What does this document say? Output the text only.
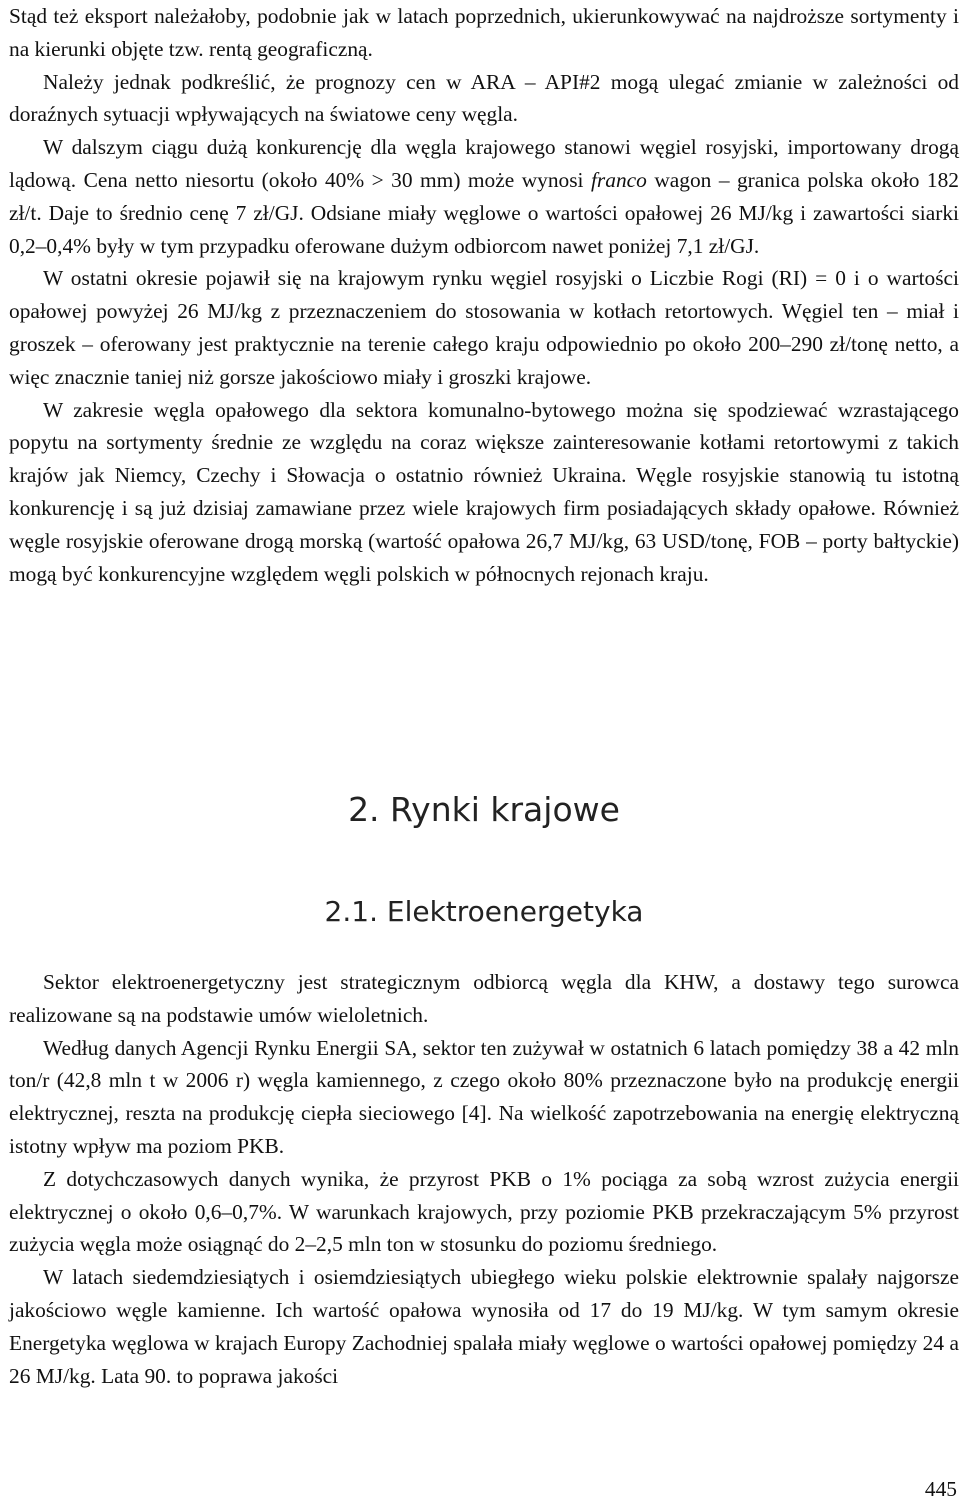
Stąd też eksport należałoby, podobnie jak w latach poprzednich, ukierunkowywać na najdroższe sortymenty i na kierunki objęte tzw. rentą geograficzną.

Należy jednak podkreślić, że prognozy cen w ARA – API#2 mogą ulegać zmianie w zależności od doraźnych sytuacji wpływających na światowe ceny węgla.

W dalszym ciągu dużą konkurencję dla węgla krajowego stanowi węgiel rosyjski, importowany drogą lądową. Cena netto niesortu (około 40% > 30 mm) może wynosi franco wagon – granica polska około 182 zł/t. Daje to średnio cenę 7 zł/GJ. Odsiane miały węglowe o wartości opałowej 26 MJ/kg i zawartości siarki 0,2–0,4% były w tym przypadku oferowane dużym odbiorcom nawet poniżej 7,1 zł/GJ.

W ostatni okresie pojawił się na krajowym rynku węgiel rosyjski o Liczbie Rogi (RI) = 0 i o wartości opałowej powyżej 26 MJ/kg z przeznaczeniem do stosowania w kotłach retortowych. Węgiel ten – miał i groszek – oferowany jest praktycznie na terenie całego kraju odpowiednio po około 200–290 zł/tonę netto, a więc znacznie taniej niż gorsze jakościowo miały i groszki krajowe.

W zakresie węgla opałowego dla sektora komunalno-bytowego można się spodziewać wzrastającego popytu na sortymenty średnie ze względu na coraz większe zainteresowanie kotłami retortowymi z takich krajów jak Niemcy, Czechy i Słowacja o ostatnio również Ukraina. Węgle rosyjskie stanowią tu istotną konkurencję i są już dzisiaj zamawiane przez wiele krajowych firm posiadających składy opałowe. Również węgle rosyjskie oferowane drogą morską (wartość opałowa 26,7 MJ/kg, 63 USD/tonę, FOB – porty bałtyckie) mogą być konkurencyjne względem węgli polskich w północnych rejonach kraju.

2. Rynki krajowe
2.1. Elektroenergetyka

Sektor elektroenergetyczny jest strategicznym odbiorcą węgla dla KHW, a dostawy tego surowca realizowane są na podstawie umów wieloletnich.

Według danych Agencji Rynku Energii SA, sektor ten zużywał w ostatnich 6 latach pomiędzy 38 a 42 mln ton/r (42,8 mln t w 2006 r) węgla kamiennego, z czego około 80% przeznaczone było na produkcję energii elektrycznej, reszta na produkcję ciepła sieciowego [4]. Na wielkość zapotrzebowania na energię elektryczną istotny wpływ ma poziom PKB.

Z dotychczasowych danych wynika, że przyrost PKB o 1% pociąga za sobą wzrost zużycia energii elektrycznej o około 0,6–0,7%. W warunkach krajowych, przy poziomie PKB przekraczającym 5% przyrost zużycia węgla może osiągnąć do 2–2,5 mln ton w stosunku do poziomu średniego.

W latach siedemdziesiątych i osiemdziesiątych ubiegłego wieku polskie elektrownie spalały najgorsze jakościowo węgle kamienne. Ich wartość opałowa wynosiła od 17 do 19 MJ/kg. W tym samym okresie Energetyka węglowa w krajach Europy Zachodniej spalała miały węglowe o wartości opałowej pomiędzy 24 a 26 MJ/kg. Lata 90. to poprawa jakości

445
